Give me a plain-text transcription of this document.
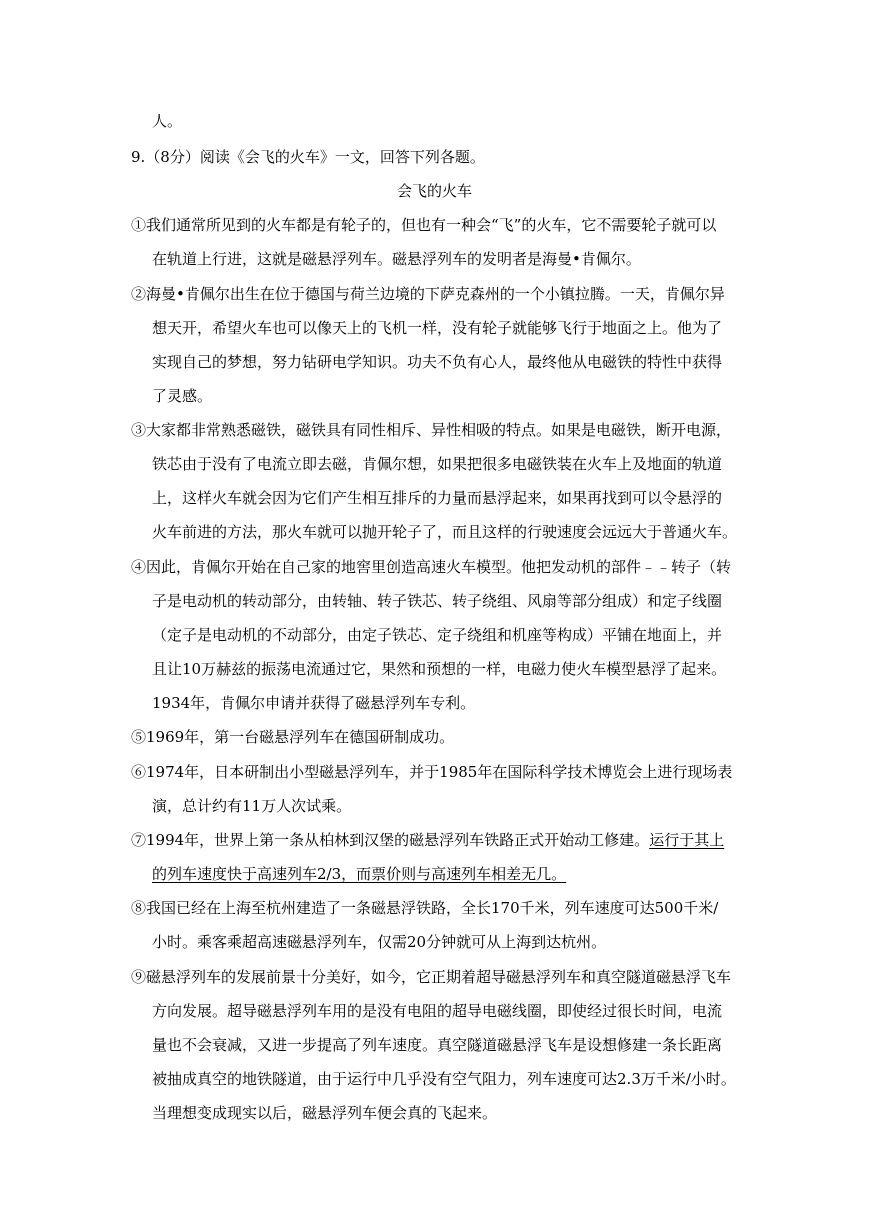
人。
9.（8分）阅读《会飞的火车》一文，回答下列各题。
会飞的火车
①我们通常所见到的火车都是有轮子的，但也有一种会“飞”的火车，它不需要轮子就可以
在轨道上行进，这就是磁悬浮列车。磁悬浮列车的发明者是海曼•肯佩尔。
②海曼•肯佩尔出生在位于德国与荷兰边境的下萨克森州的一个小镇拉腾。一天，肯佩尔异
想天开，希望火车也可以像天上的飞机一样，没有轮子就能够飞行于地面之上。他为了
实现自己的梦想，努力钻研电学知识。功夫不负有心人，最终他从电磁铁的特性中获得
了灵感。
③大家都非常熟悉磁铁，磁铁具有同性相斥、异性相吸的特点。如果是电磁铁，断开电源，
铁芯由于没有了电流立即去磁，肯佩尔想，如果把很多电磁铁装在火车上及地面的轨道
上，这样火车就会因为它们产生相互排斥的力量而悬浮起来，如果再找到可以令悬浮的
火车前进的方法，那火车就可以抛开轮子了，而且这样的行驶速度会远远大于普通火车。
④因此，肯佩尔开始在自己家的地窖里创造高速火车模型。他把发动机的部件﹣﹣转子（转
子是电动机的转动部分，由转轴、转子铁芯、转子绕组、风扇等部分组成）和定子线圈
（定子是电动机的不动部分，由定子铁芯、定子绕组和机座等构成）平铺在地面上，并
且让10万赫兹的振荡电流通过它，果然和预想的一样，电磁力使火车模型悬浮了起来。
1934年，肯佩尔申请并获得了磁悬浮列车专利。
⑤1969年，第一台磁悬浮列车在德国研制成功。
⑥1974年，日本研制出小型磁悬浮列车，并于1985年在国际科学技术博览会上进行现场表
演，总计约有11万人次试乘。
⑦1994年，世界上第一条从柏林到汉堡的磁悬浮列车铁路正式开始动工修建。运行于其上
的列车速度快于高速列车2/3，而票价则与高速列车相差无几。
⑧我国已经在上海至杭州建造了一条磁悬浮铁路，全长170千米，列车速度可达500千米/
小时。乘客乘超高速磁悬浮列车，仅需20分钟就可从上海到达杭州。
⑨磁悬浮列车的发展前景十分美好，如今，它正期着超导磁悬浮列车和真空隧道磁悬浮飞车
方向发展。超导磁悬浮列车用的是没有电阻的超导电磁线圈，即使经过很长时间，电流
量也不会衰减，又进一步提高了列车速度。真空隧道磁悬浮飞车是设想修建一条长距离
被抽成真空的地铁隧道，由于运行中几乎没有空气阻力，列车速度可达2.3万千米/小时。
当理想变成现实以后，磁悬浮列车便会真的飞起来。
